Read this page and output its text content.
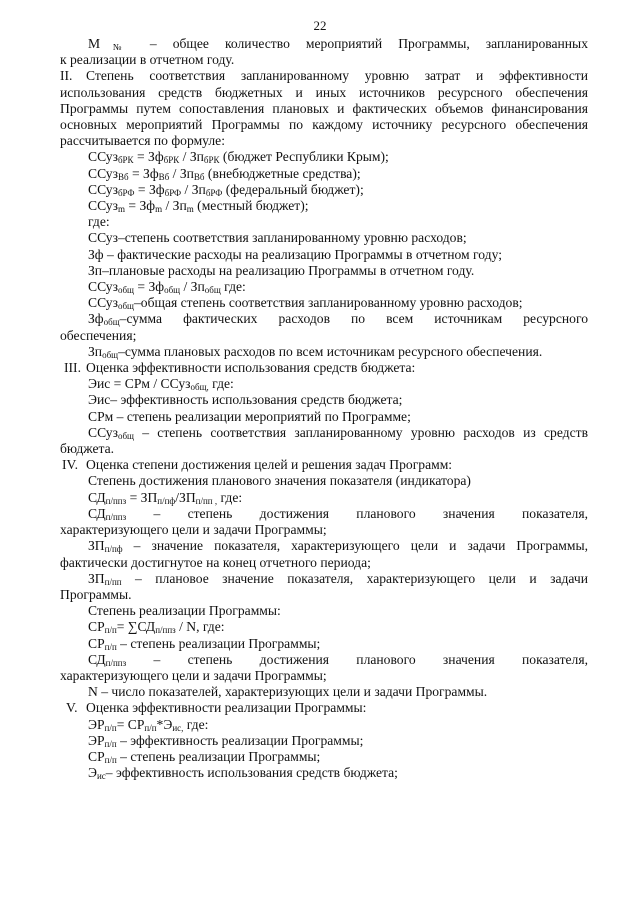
22

$М_№$ – общее количество мероприятий Программы, запланированных

к реализации в отчетном году.

II. Степень соответствия запланированному уровню затрат и эффективности

использования средств бюджетных и иных источников ресурсного обеспечения

Программы путем сопоставления плановых и фактических объемов финансирования

основных мероприятий Программы по каждому источнику ресурсного обеспечения

рассчитывается по формуле:

ССуз$_{бРК}$ = $Зф_{бРК} / Зп_{бРК}$ (бюджет Республики Крым);

ССуз$_{Вб}$ = $Зф_{Вб} / Зп_{Вб}$ (внебюджетные средства);

ССуз$_{бРФ}$ = $Зф_{бРФ} / Зп_{бРФ}$ (федеральный бюджет);

ССуз$_m$ = $Зф_m / Зп_m$ (местный бюджет);

где:

ССуз–степень соответствия запланированному уровню расходов;

Зф – фактические расходы на реализацию Программы в отчетном году;

Зп–плановые расходы на реализацию Программы в отчетном году.

ССуз$_{общ}$ = $Зф_{общ} / Зп_{общ}$ где:

ССуз$_{общ}$–общая степень соответствия запланированному уровню расходов;

$Зф_{общ}$–сумма фактических расходов по всем источникам ресурсного

обеспечения;

$Зп_{общ}$–сумма плановых расходов по всем источникам ресурсного обеспечения.

III. Оценка эффективности использования средств бюджета:

Эис = СРм / ССуз$_{общ,}$ где:

Эис– эффективность использования средств бюджета;

СРм – степень реализации мероприятий по Программе;

ССуз$_{общ}$ – степень соответствия запланированному уровню расходов из средств

бюджета.

IV. Оценка степени достижения целей и решения задач Программ:

Степень достижения планового значения показателя (индикатора)

$СД_{п/ппз} = ЗП_{п/пф}/ЗП_{п/пп ,}$ где:

$СД_{п/ппз}$ – степень достижения планового значения показателя,

характеризующего цели и задачи Программы;

$ЗП_{п/пф}$ – значение показателя, характеризующего цели и задачи Программы,

фактически достигнутое на конец отчетного периода;

$ЗП_{п/пп}$ – плановое значение показателя, характеризующего цели и задачи

Программы.

Степень реализации Программы:

$СР_{п/п}= \sum СД_{п/ппз} / N$, где:

$СР_{п/п}$ – степень реализации Программы;

$СД_{п/ппз}$ – степень достижения планового значения показателя,

характеризующего цели и задачи Программы;

N – число показателей, характеризующих цели и задачи Программы.

V. Оценка эффективности реализации Программы:

$ЭР_{п/п}= СР_{п/п}*Э_{ис,}$ где:

$ЭР_{п/п}$ – эффективность реализации Программы;

$СР_{п/п}$ – степень реализации Программы;

$Э_{ис}-$ эффективность использования средств бюджета;
